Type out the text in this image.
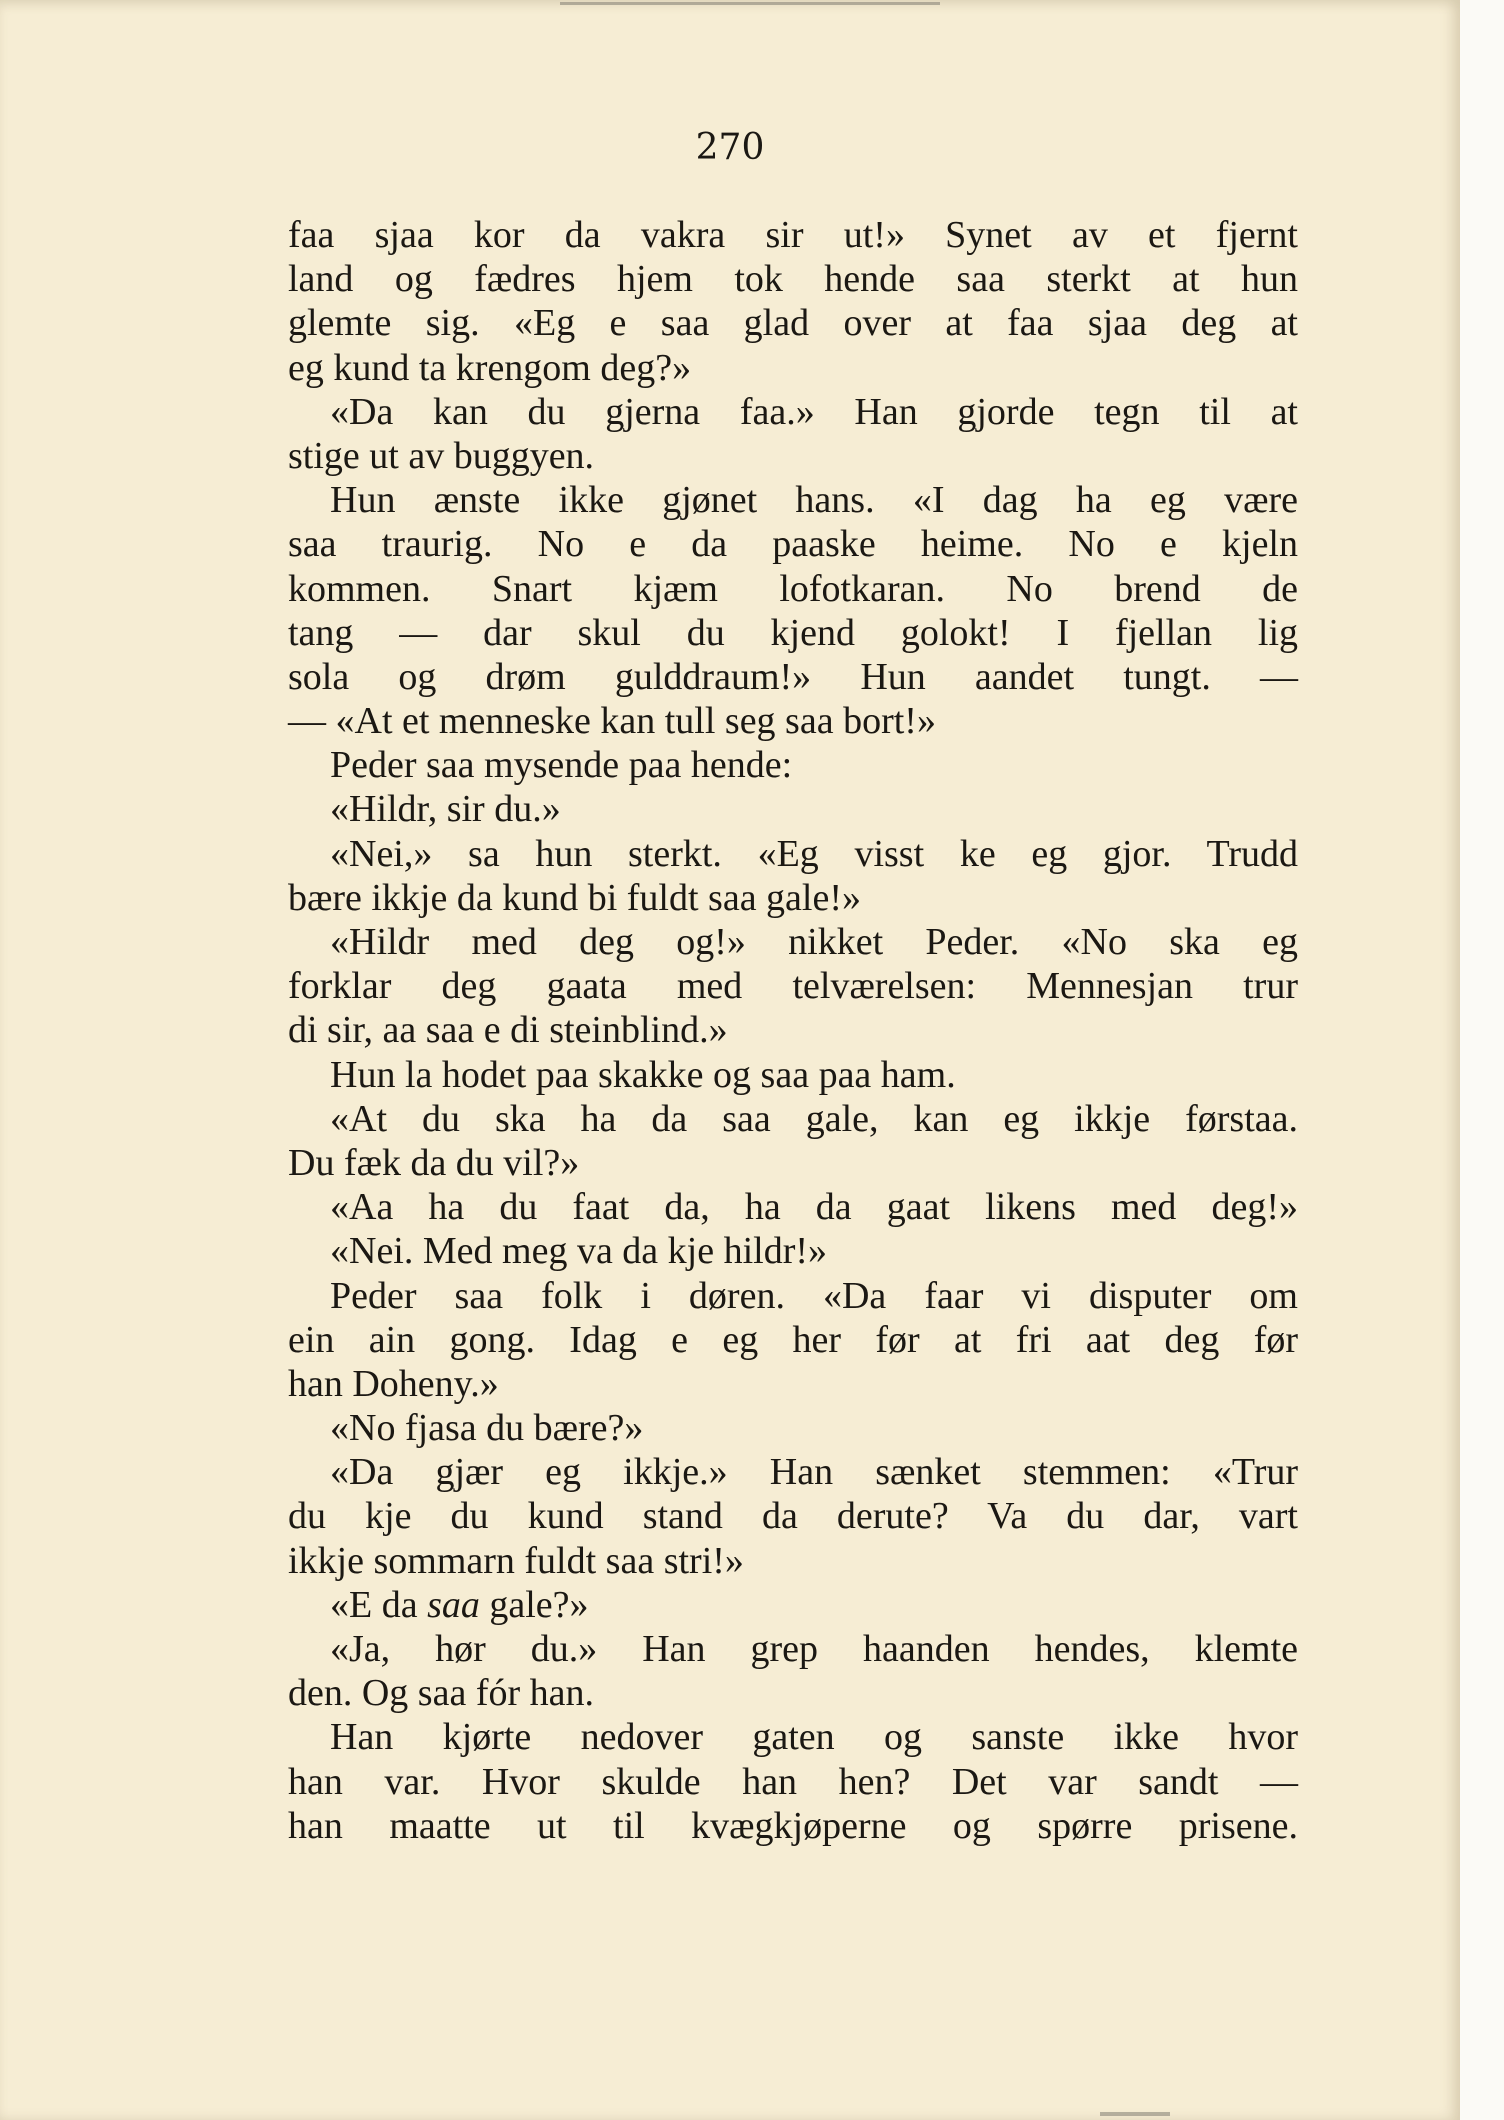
270
faa sjaa kor da vakra sir ut!» Synet av et fjernt
land og fædres hjem tok hende saa sterkt at hun
glemte sig. «Eg e saa glad over at faa sjaa deg at
eg kund ta krengom deg?»
«Da kan du gjerna faa.» Han gjorde tegn til at
stige ut av buggyen.
Hun ænste ikke gjønet hans. «I dag ha eg være
saa traurig. No e da paaske heime. No e kjeln
kommen. Snart kjæm lofotkaran. No brend de
tang — dar skul du kjend golokt! I fjellan lig
sola og drøm gulddraum!» Hun aandet tungt. —
— «At et menneske kan tull seg saa bort!»
Peder saa mysende paa hende:
«Hildr, sir du.»
«Nei,» sa hun sterkt. «Eg visst ke eg gjor. Trudd
bære ikkje da kund bi fuldt saa gale!»
«Hildr med deg og!» nikket Peder. «No ska eg
forklar deg gaata med telværelsen: Mennesjan trur
di sir, aa saa e di steinblind.»
Hun la hodet paa skakke og saa paa ham.
«At du ska ha da saa gale, kan eg ikkje førstaa.
Du fæk da du vil?»
«Aa ha du faat da, ha da gaat likens med deg!»
«Nei. Med meg va da kje hildr!»
Peder saa folk i døren. «Da faar vi disputer om
ein ain gong. Idag e eg her før at fri aat deg før
han Doheny.»
«No fjasa du bære?»
«Da gjær eg ikkje.» Han sænket stemmen: «Trur
du kje du kund stand da derute? Va du dar, vart
ikkje sommarn fuldt saa stri!»
«E da saa gale?»
«Ja, hør du.» Han grep haanden hendes, klemte
den. Og saa fór han.
Han kjørte nedover gaten og sanste ikke hvor
han var. Hvor skulde han hen? Det var sandt —
han maatte ut til kvægkjøperne og spørre prisene.
